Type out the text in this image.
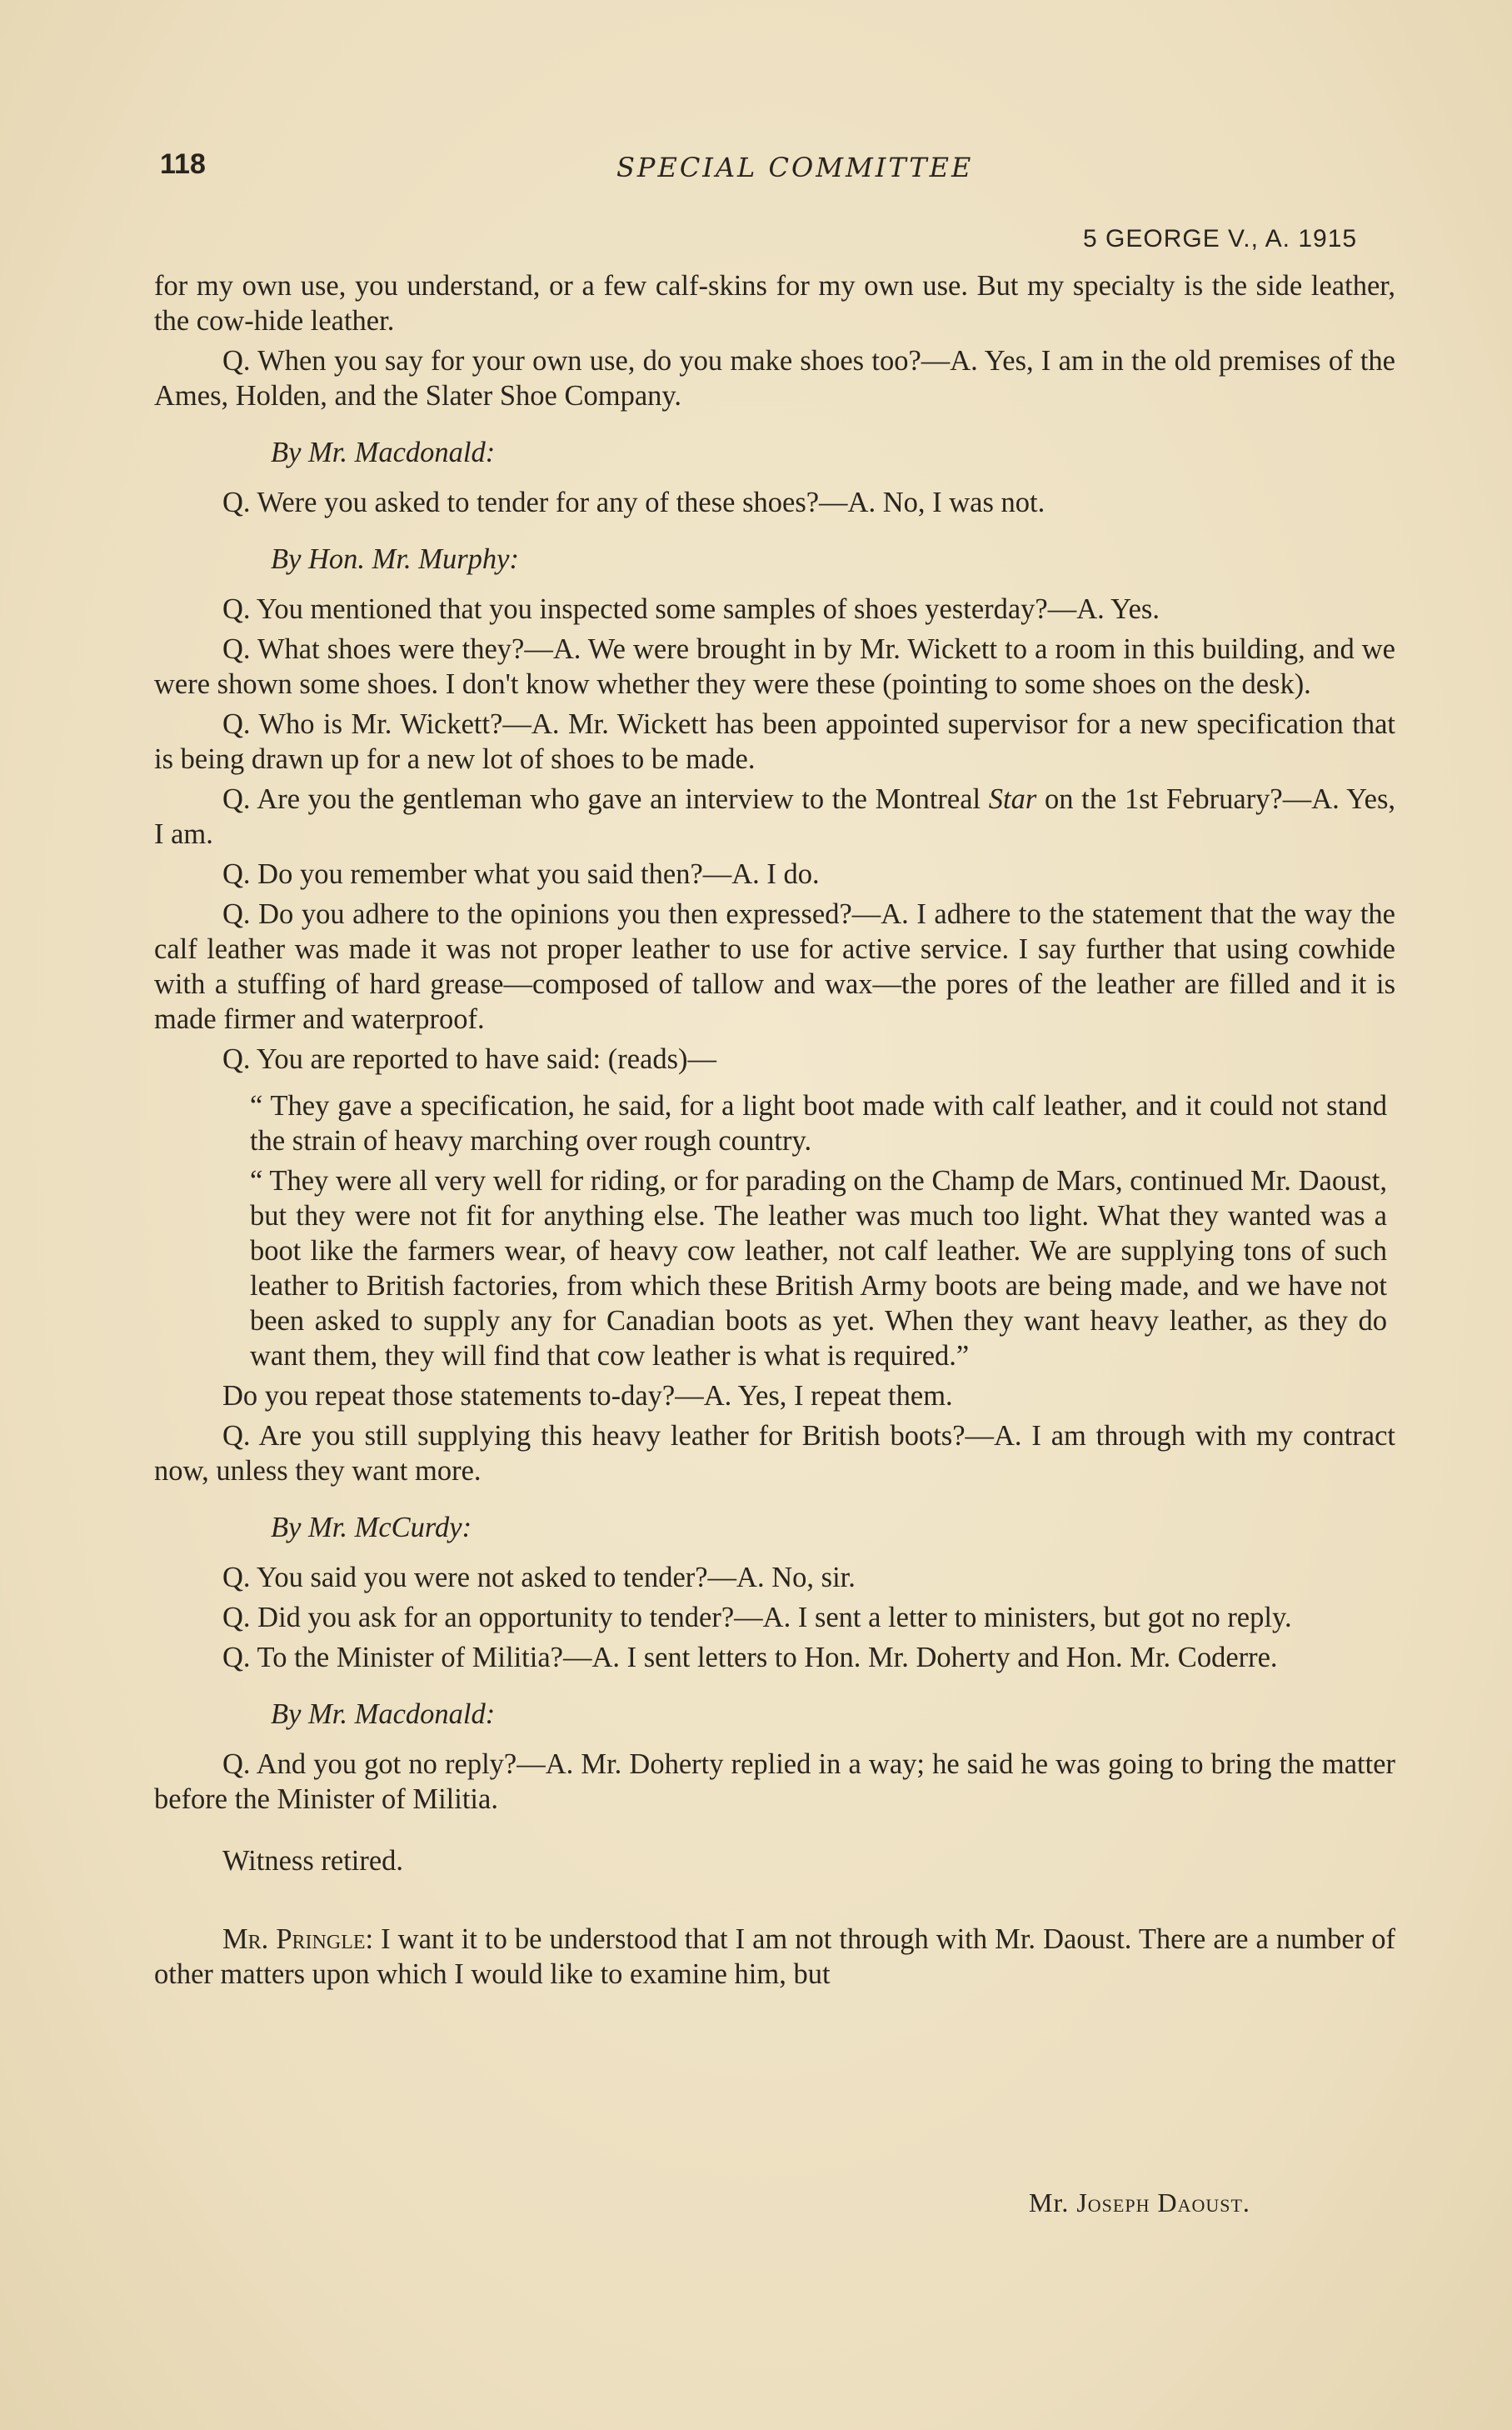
118	SPECIAL COMMITTEE
5 GEORGE V., A. 1915

for my own use, you understand, or a few calf-skins for my own use. But my specialty is the side leather, the cow-hide leather.

Q. When you say for your own use, do you make shoes too?—A. Yes, I am in the old premises of the Ames, Holden, and the Slater Shoe Company.

By Mr. Macdonald:

Q. Were you asked to tender for any of these shoes?—A. No, I was not.

By Hon. Mr. Murphy:

Q. You mentioned that you inspected some samples of shoes yesterday?—A. Yes.

Q. What shoes were they?—A. We were brought in by Mr. Wickett to a room in this building, and we were shown some shoes. I don't know whether they were these (pointing to some shoes on the desk).

Q. Who is Mr. Wickett?—A. Mr. Wickett has been appointed supervisor for a new specification that is being drawn up for a new lot of shoes to be made.

Q. Are you the gentleman who gave an interview to the Montreal Star on the 1st February?—A. Yes, I am.

Q. Do you remember what you said then?—A. I do.

Q. Do you adhere to the opinions you then expressed?—A. I adhere to the statement that the way the calf leather was made it was not proper leather to use for active service. I say further that using cowhide with a stuffing of hard grease—composed of tallow and wax—the pores of the leather are filled and it is made firmer and waterproof.

Q. You are reported to have said: (reads)—

“ They gave a specification, he said, for a light boot made with calf leather, and it could not stand the strain of heavy marching over rough country.

“ They were all very well for riding, or for parading on the Champ de Mars, continued Mr. Daoust, but they were not fit for anything else. The leather was much too light. What they wanted was a boot like the farmers wear, of heavy cow leather, not calf leather. We are supplying tons of such leather to British factories, from which these British Army boots are being made, and we have not been asked to supply any for Canadian boots as yet. When they want heavy leather, as they do want them, they will find that cow leather is what is required.”

Do you repeat those statements to-day?—A. Yes, I repeat them.

Q. Are you still supplying this heavy leather for British boots?—A. I am through with my contract now, unless they want more.

By Mr. McCurdy:

Q. You said you were not asked to tender?—A. No, sir.

Q. Did you ask for an opportunity to tender?—A. I sent a letter to ministers, but got no reply.

Q. To the Minister of Militia?—A. I sent letters to Hon. Mr. Doherty and Hon. Mr. Coderre.

By Mr. Macdonald:

Q. And you got no reply?—A. Mr. Doherty replied in a way; he said he was going to bring the matter before the Minister of Militia.

Witness retired.

Mr. Pringle: I want it to be understood that I am not through with Mr. Daoust. There are a number of other matters upon which I would like to examine him, but

Mr. Joseph Daoust.
